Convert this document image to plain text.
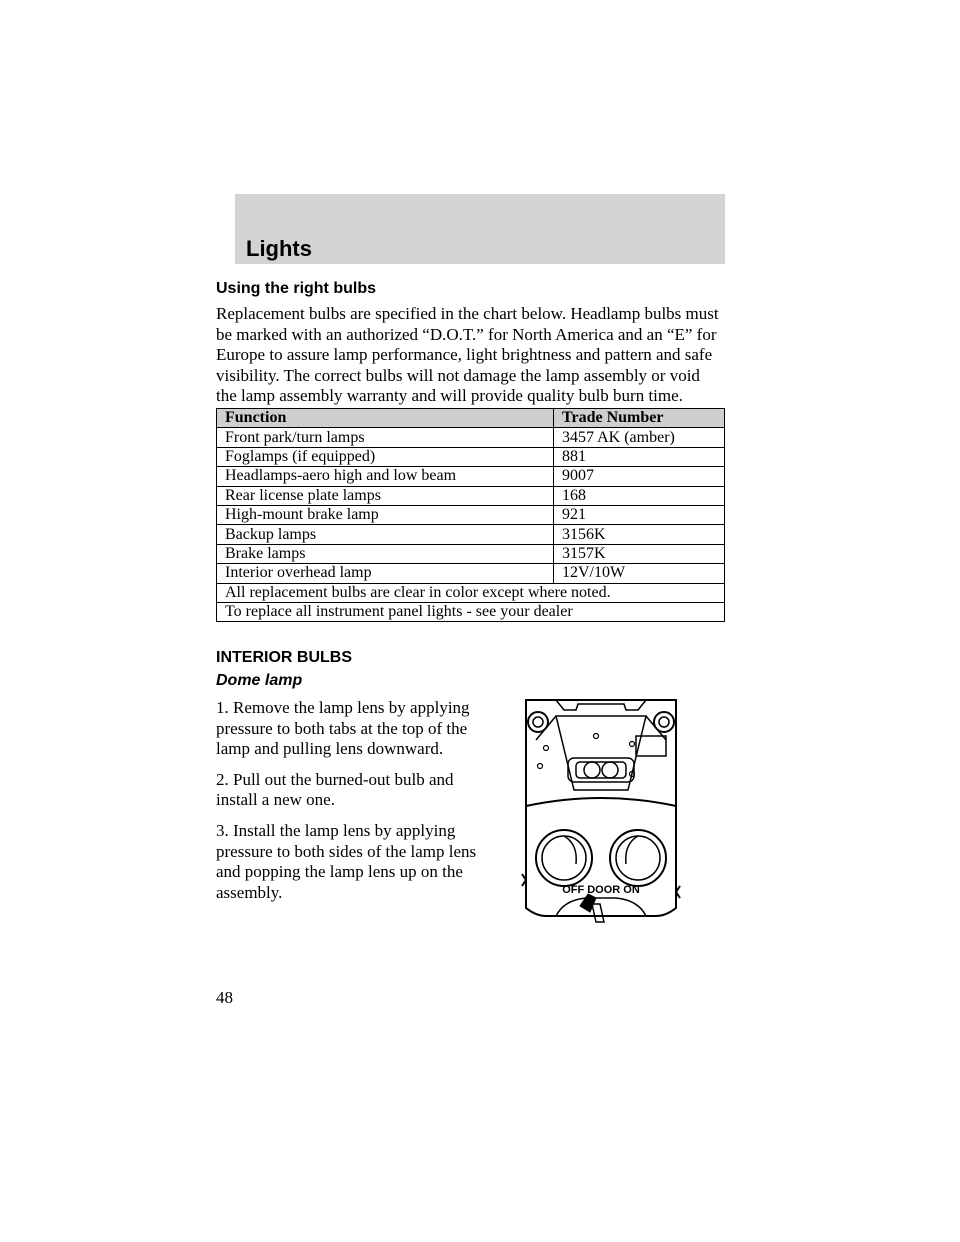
Lights
Using the right bulbs

Replacement bulbs are specified in the chart below. Headlamp bulbs must be marked with an authorized “D.O.T.” for North America and an “E” for Europe to assure lamp performance, light brightness and pattern and safe visibility. The correct bulbs will not damage the lamp assembly or void the lamp assembly warranty and will provide quality bulb burn time.

Function	Trade Number
Front park/turn lamps	3457 AK (amber)
Foglamps (if equipped)	881
Headlamps-aero high and low beam	9007
Rear license plate lamps	168
High-mount brake lamp	921
Backup lamps	3156K
Brake lamps	3157K
Interior overhead lamp	12V/10W
All replacement bulbs are clear in color except where noted.	
To replace all instrument panel lights - see your dealer	
INTERIOR BULBS
Dome lamp

1. Remove the lamp lens by applying pressure to both tabs at the top of the lamp and pulling lens downward.

2. Pull out the burned-out bulb and install a new one.

3. Install the lamp lens by applying pressure to both sides of the lamp lens and popping the lamp lens up on the assembly.	OFF DOOR ON
48
